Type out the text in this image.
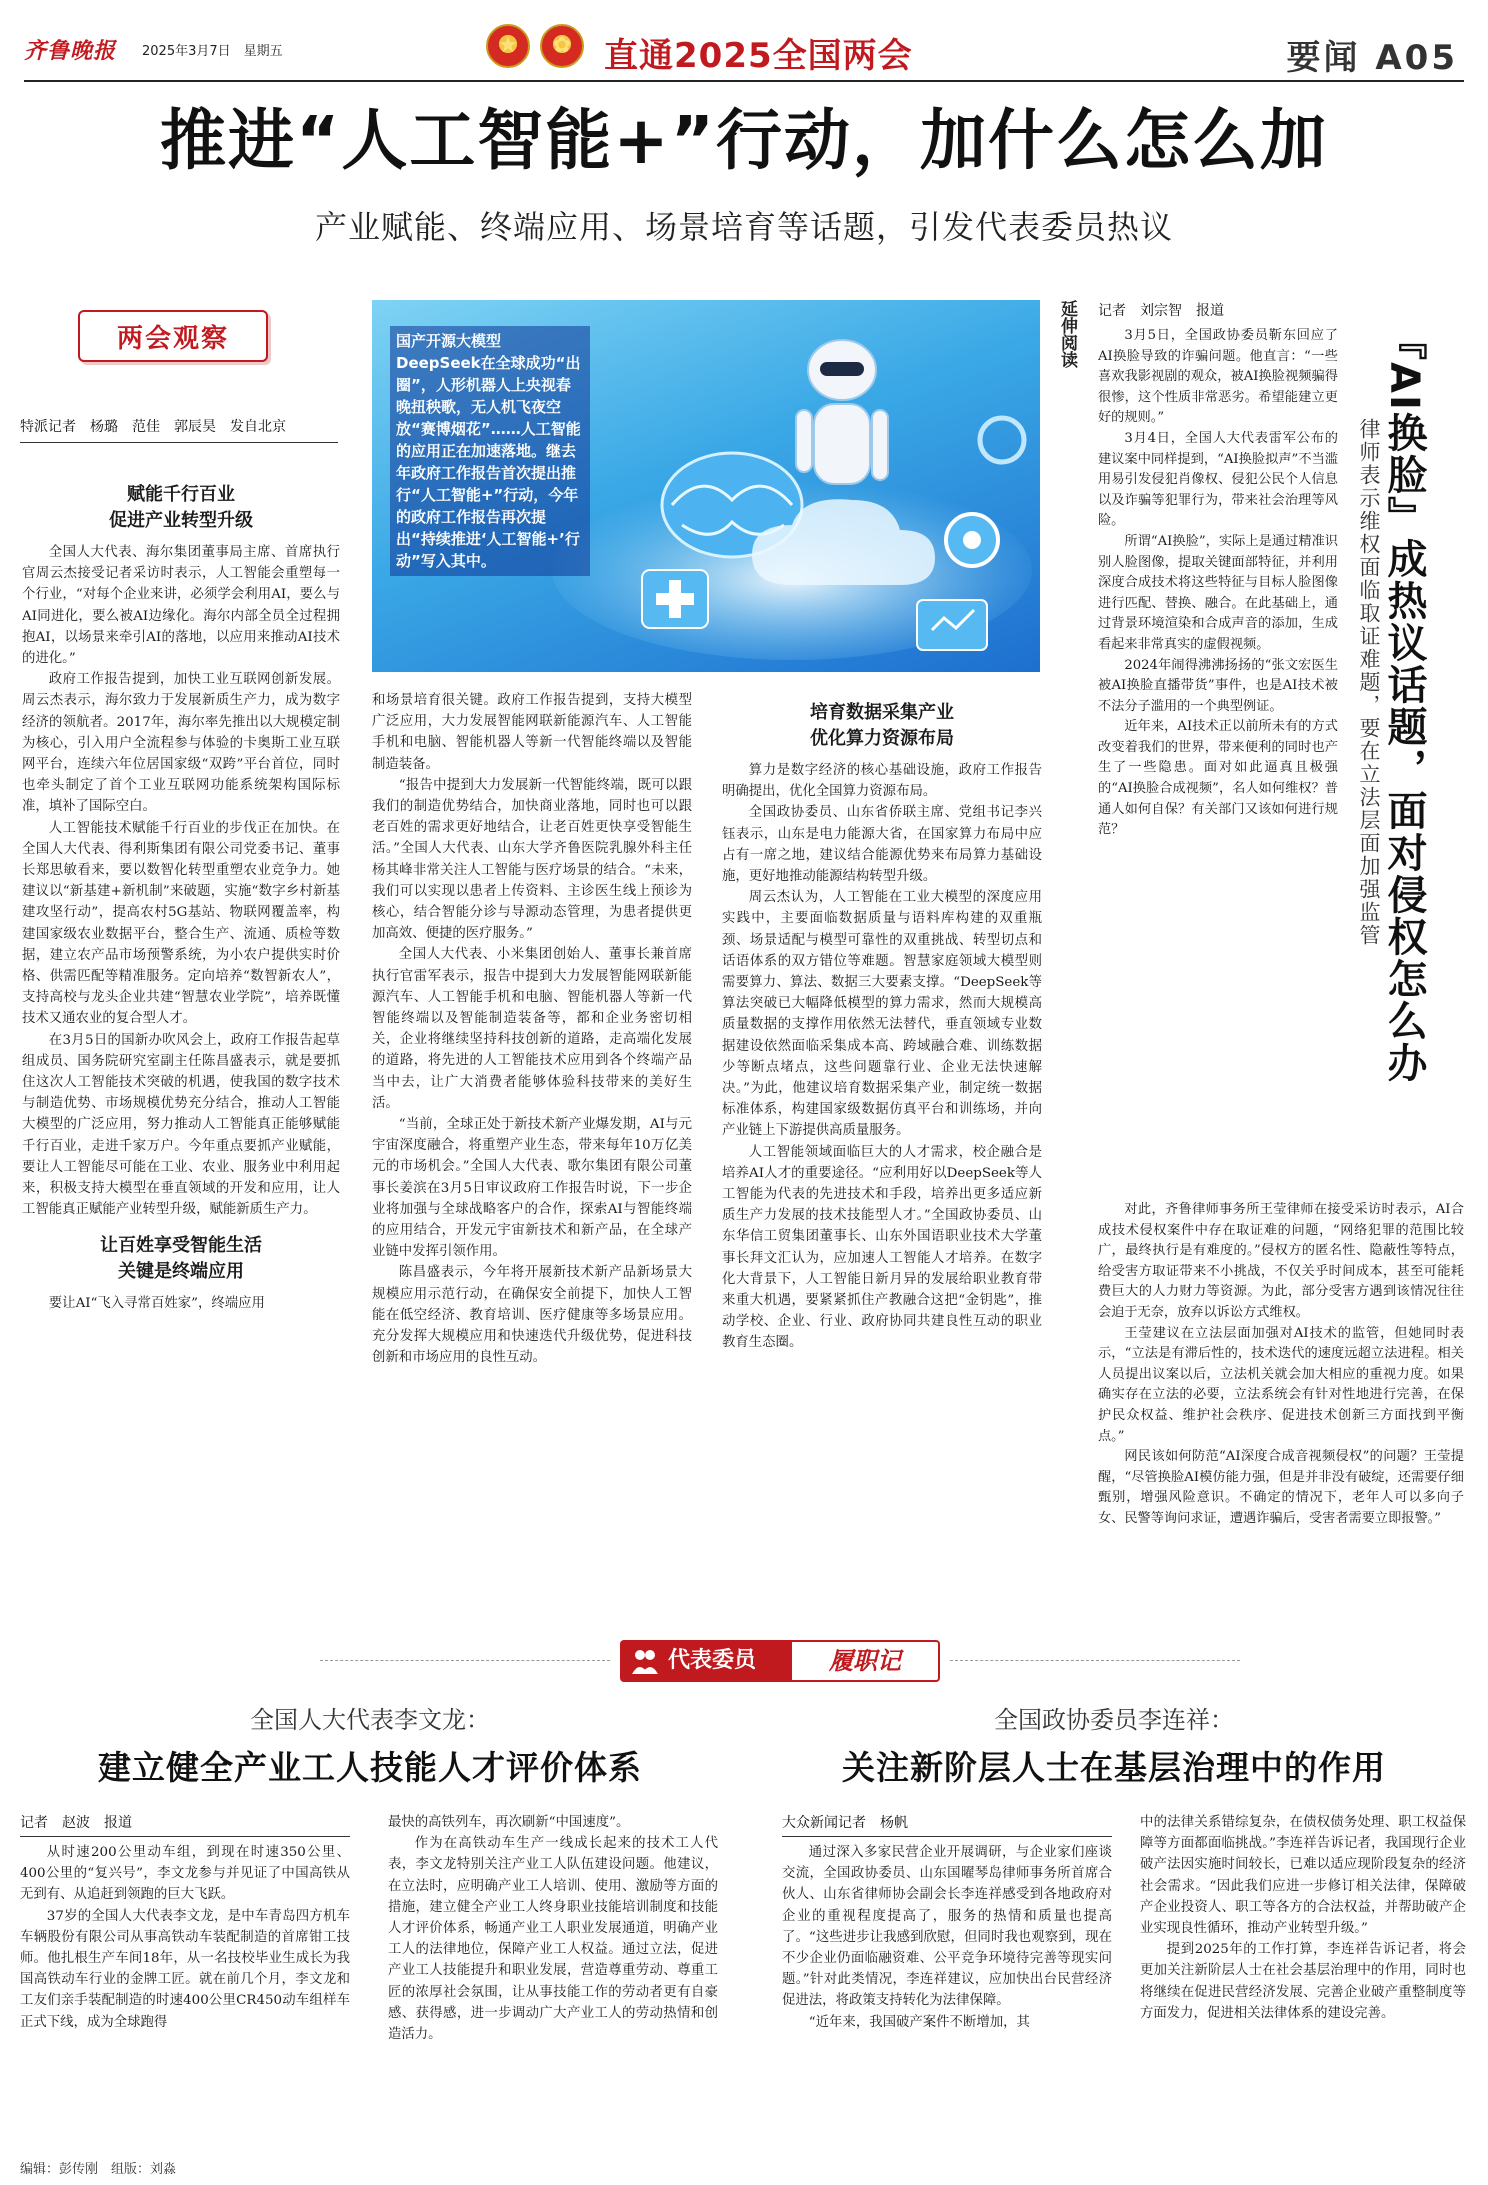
齐鲁晚报 2025年3月7日　星期五	★ ✿ 直通2025全国两会	要闻 A05
推进“人工智能+”行动，加什么怎么加
产业赋能、终端应用、场景培育等话题，引发代表委员热议
两会观察
特派记者　杨璐　范佳　郭辰昊　发自北京
国产开源大模型DeepSeek在全球成功“出圈”，人形机器人上央视春晚扭秧歌，无人机飞夜空放“赛博烟花”……人工智能的应用正在加速落地。继去年政府工作报告首次提出推行“人工智能+”行动，今年的政府工作报告再次提出“持续推进‘人工智能+’行动”写入其中。
赋能千行百业
促进产业转型升级

全国人大代表、海尔集团董事局主席、首席执行官周云杰接受记者采访时表示，人工智能会重塑每一个行业，“对每个企业来讲，必须学会利用AI，要么与AI同进化，要么被AI边缘化。海尔内部全员全过程拥抱AI，以场景来牵引AI的落地，以应用来推动AI技术的进化。”

政府工作报告提到，加快工业互联网创新发展。周云杰表示，海尔致力于发展新质生产力，成为数字经济的领航者。2017年，海尔率先推出以大规模定制为核心，引入用户全流程参与体验的卡奥斯工业互联网平台，连续六年位居国家级“双跨”平台首位，同时也牵头制定了首个工业互联网功能系统架构国际标准，填补了国际空白。

人工智能技术赋能千行百业的步伐正在加快。在全国人大代表、得利斯集团有限公司党委书记、董事长郑思敏看来，要以数智化转型重塑农业竞争力。她建议以“新基建+新机制”来破题，实施“数字乡村新基建攻坚行动”，提高农村5G基站、物联网覆盖率，构建国家级农业数据平台，整合生产、流通、质检等数据，建立农产品市场预警系统，为小农户提供实时价格、供需匹配等精准服务。定向培养“数智新农人”，支持高校与龙头企业共建“智慧农业学院”，培养既懂技术又通农业的复合型人才。

在3月5日的国新办吹风会上，政府工作报告起草组成员、国务院研究室副主任陈昌盛表示，就是要抓住这次人工智能技术突破的机遇，使我国的数字技术与制造优势、市场规模优势充分结合，推动人工智能大模型的广泛应用，努力推动人工智能真正能够赋能千行百业，走进千家万户。今年重点要抓产业赋能，要让人工智能尽可能在工业、农业、服务业中利用起来，积极支持大模型在垂直领域的开发和应用，让人工智能真正赋能产业转型升级，赋能新质生产力。

让百姓享受智能生活
关键是终端应用

要让AI“飞入寻常百姓家”，终端应用

和场景培育很关键。政府工作报告提到，支持大模型广泛应用，大力发展智能网联新能源汽车、人工智能手机和电脑、智能机器人等新一代智能终端以及智能制造装备。

“报告中提到大力发展新一代智能终端，既可以跟我们的制造优势结合，加快商业落地，同时也可以跟老百姓的需求更好地结合，让老百姓更快享受智能生活。”全国人大代表、山东大学齐鲁医院乳腺外科主任杨其峰非常关注人工智能与医疗场景的结合。“未来，我们可以实现以患者上传资料、主诊医生线上预诊为核心，结合智能分诊与导源动态管理，为患者提供更加高效、便捷的医疗服务。”

全国人大代表、小米集团创始人、董事长兼首席执行官雷军表示，报告中提到大力发展智能网联新能源汽车、人工智能手机和电脑、智能机器人等新一代智能终端以及智能制造装备等，都和企业务密切相关，企业将继续坚持科技创新的道路，走高端化发展的道路，将先进的人工智能技术应用到各个终端产品当中去，让广大消费者能够体验科技带来的美好生活。

“当前，全球正处于新技术新产业爆发期，AI与元宇宙深度融合，将重塑产业生态，带来每年10万亿美元的市场机会。”全国人大代表、歌尔集团有限公司董事长姜滨在3月5日审议政府工作报告时说，下一步企业将加强与全球战略客户的合作，探索AI与智能终端的应用结合，开发元宇宙新技术和新产品，在全球产业链中发挥引领作用。

陈昌盛表示，今年将开展新技术新产品新场景大规模应用示范行动，在确保安全前提下，加快人工智能在低空经济、教育培训、医疗健康等多场景应用。充分发挥大规模应用和快速迭代升级优势，促进科技创新和市场应用的良性互动。

培育数据采集产业
优化算力资源布局

算力是数字经济的核心基础设施，政府工作报告明确提出，优化全国算力资源布局。

全国政协委员、山东省侨联主席、党组书记李兴钰表示，山东是电力能源大省，在国家算力布局中应占有一席之地，建议结合能源优势来布局算力基础设施，更好地推动能源结构转型升级。

周云杰认为，人工智能在工业大模型的深度应用实践中，主要面临数据质量与语料库构建的双重瓶颈、场景适配与模型可靠性的双重挑战、转型切点和话语体系的双方错位等难题。智慧家庭领域大模型则需要算力、算法、数据三大要素支撑。“DeepSeek等算法突破已大幅降低模型的算力需求，然而大规模高质量数据的支撑作用依然无法替代，垂直领域专业数据建设依然面临采集成本高、跨域融合难、训练数据少等断点堵点，这些问题靠行业、企业无法快速解决。”为此，他建议培育数据采集产业，制定统一数据标准体系，构建国家级数据仿真平台和训练场，并向产业链上下游提供高质量服务。

人工智能领域面临巨大的人才需求，校企融合是培养AI人才的重要途径。“应利用好以DeepSeek等人工智能为代表的先进技术和手段，培养出更多适应新质生产力发展的技术技能型人才。”全国政协委员、山东华信工贸集团董事长、山东外国语职业技术大学董事长拜文汇认为，应加速人工智能人才培养。在数字化大背景下，人工智能日新月异的发展给职业教育带来重大机遇，要紧紧抓住产教融合这把“金钥匙”，推动学校、企业、行业、政府协同共建良性互动的职业教育生态圈。

延伸阅读 记者　刘宗智　报道
『AI换脸』成热议话题，面对侵权怎么办
律师表示维权面临取证难题，要在立法层面加强监管

3月5日，全国政协委员靳东回应了AI换脸导致的诈骗问题。他直言：“一些喜欢我影视剧的观众，被AI换脸视频骗得很惨，这个性质非常恶劣。希望能建立更好的规则。”

3月4日，全国人大代表雷军公布的建议案中同样提到，“AI换脸拟声”不当滥用易引发侵犯肖像权、侵犯公民个人信息以及诈骗等犯罪行为，带来社会治理等风险。

所谓“AI换脸”，实际上是通过精准识别人脸图像，提取关键面部特征，并利用深度合成技术将这些特征与目标人脸图像进行匹配、替换、融合。在此基础上，通过背景环境渲染和合成声音的添加，生成看起来非常真实的虚假视频。

2024年闹得沸沸扬扬的“张文宏医生被AI换脸直播带货”事件，也是AI技术被不法分子滥用的一个典型例证。

近年来，AI技术正以前所未有的方式改变着我们的世界，带来便利的同时也产生了一些隐患。面对如此逼真且极强的“AI换脸合成视频”，名人如何维权？普通人如何自保？有关部门又该如何进行规范？

对此，齐鲁律师事务所王莹律师在接受采访时表示，AI合成技术侵权案件中存在取证难的问题，“网络犯罪的范围比较广，最终执行是有难度的。”侵权方的匿名性、隐蔽性等特点，给受害方取证带来不小挑战，不仅关乎时间成本，甚至可能耗费巨大的人力财力等资源。为此，部分受害方遇到该情况往往会迫于无奈，放弃以诉讼方式维权。

王莹建议在立法层面加强对AI技术的监管，但她同时表示，“立法是有滞后性的，技术迭代的速度远超立法进程。相关人员提出议案以后，立法机关就会加大相应的重视力度。如果确实存在立法的必要，立法系统会有针对性地进行完善，在保护民众权益、维护社会秩序、促进技术创新三方面找到平衡点。”

网民该如何防范“AI深度合成音视频侵权”的问题？王莹提醒，“尽管换脸AI模仿能力强，但是并非没有破绽，还需要仔细甄别，增强风险意识。不确定的情况下，老年人可以多向子女、民警等询问求证，遭遇诈骗后，受害者需要立即报警。”

代表委员	履职记
全国人大代表李文龙：
建立健全产业工人技能人才评价体系
记者　赵波　报道

从时速200公里动车组，到现在时速350公里、400公里的“复兴号”，李文龙参与并见证了中国高铁从无到有、从追赶到领跑的巨大飞跃。

37岁的全国人大代表李文龙，是中车青岛四方机车车辆股份有限公司从事高铁动车装配制造的首席钳工技师。他扎根生产车间18年，从一名技校毕业生成长为我国高铁动车行业的金牌工匠。就在前几个月，李文龙和工友们亲手装配制造的时速400公里CR450动车组样车正式下线，成为全球跑得

最快的高铁列车，再次刷新“中国速度”。

作为在高铁动车生产一线成长起来的技术工人代表，李文龙特别关注产业工人队伍建设问题。他建议，在立法时，应明确产业工人培训、使用、激励等方面的措施，建立健全产业工人终身职业技能培训制度和技能人才评价体系，畅通产业工人职业发展通道，明确产业工人的法律地位，保障产业工人权益。通过立法，促进产业工人技能提升和职业发展，营造尊重劳动、尊重工匠的浓厚社会氛围，让从事技能工作的劳动者更有自豪感、获得感，进一步调动广大产业工人的劳动热情和创造活力。

全国政协委员李连祥：
关注新阶层人士在基层治理中的作用
大众新闻记者　杨帆

通过深入多家民营企业开展调研，与企业家们座谈交流，全国政协委员、山东国曜琴岛律师事务所首席合伙人、山东省律师协会副会长李连祥感受到各地政府对企业的重视程度提高了，服务的热情和质量也提高了。“这些进步让我感到欣慰，但同时我也观察到，现在不少企业仍面临融资难、公平竞争环境待完善等现实问题。”针对此类情况，李连祥建议，应加快出台民营经济促进法，将政策支持转化为法律保障。

“近年来，我国破产案件不断增加，其

中的法律关系错综复杂，在债权债务处理、职工权益保障等方面都面临挑战。”李连祥告诉记者，我国现行企业破产法因实施时间较长，已难以适应现阶段复杂的经济社会需求。“因此我们应进一步修订相关法律，保障破产企业投资人、职工等各方的合法权益，并帮助破产企业实现良性循环，推动产业转型升级。”

提到2025年的工作打算，李连祥告诉记者，将会更加关注新阶层人士在社会基层治理中的作用，同时也将继续在促进民营经济发展、完善企业破产重整制度等方面发力，促进相关法律体系的建设完善。

编辑：彭传刚　组版：刘淼
